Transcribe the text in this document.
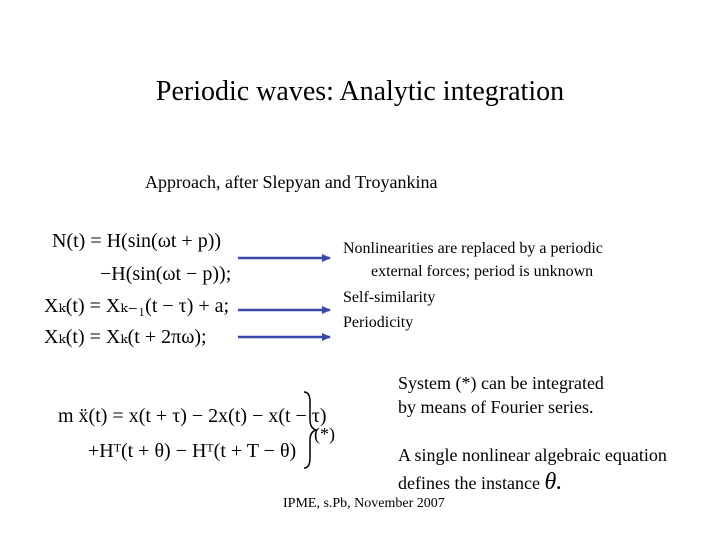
Periodic waves: Analytic integration
Approach, after Slepyan and Troyankina
N(t) = H(sin(ωt + p))
−H(sin(ωt − p));
Xₖ(t) = Xₖ₋₁(t − τ) + a;
Xₖ(t) = Xₖ(t + 2πω);
Nonlinearities are replaced by a periodic
external forces; period is unknown
Self-similarity
Periodicity
System (*) can be integrated
by means of Fourier series.
m ẍ(t) = x(t + τ) − 2x(t) − x(t − τ)
+Hᵀ(t + θ) − Hᵀ(t + T − θ)
(*)
A single nonlinear algebraic equation
defines the instance θ.
IPME, s.Pb, November 2007
